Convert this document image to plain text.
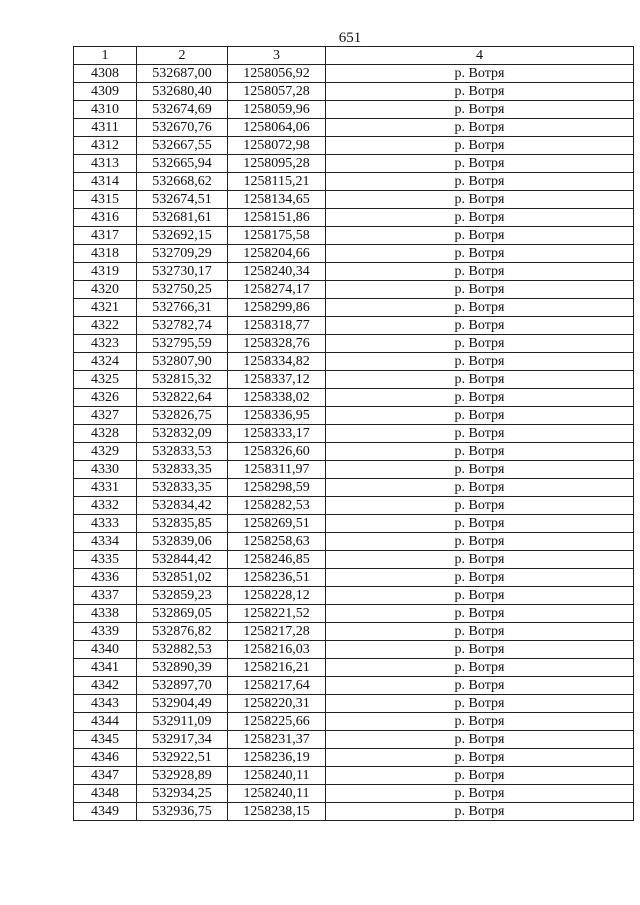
651
1	2	3	4
4308	532687,00	1258056,92	р. Вотря
4309	532680,40	1258057,28	р. Вотря
4310	532674,69	1258059,96	р. Вотря
4311	532670,76	1258064,06	р. Вотря
4312	532667,55	1258072,98	р. Вотря
4313	532665,94	1258095,28	р. Вотря
4314	532668,62	1258115,21	р. Вотря
4315	532674,51	1258134,65	р. Вотря
4316	532681,61	1258151,86	р. Вотря
4317	532692,15	1258175,58	р. Вотря
4318	532709,29	1258204,66	р. Вотря
4319	532730,17	1258240,34	р. Вотря
4320	532750,25	1258274,17	р. Вотря
4321	532766,31	1258299,86	р. Вотря
4322	532782,74	1258318,77	р. Вотря
4323	532795,59	1258328,76	р. Вотря
4324	532807,90	1258334,82	р. Вотря
4325	532815,32	1258337,12	р. Вотря
4326	532822,64	1258338,02	р. Вотря
4327	532826,75	1258336,95	р. Вотря
4328	532832,09	1258333,17	р. Вотря
4329	532833,53	1258326,60	р. Вотря
4330	532833,35	1258311,97	р. Вотря
4331	532833,35	1258298,59	р. Вотря
4332	532834,42	1258282,53	р. Вотря
4333	532835,85	1258269,51	р. Вотря
4334	532839,06	1258258,63	р. Вотря
4335	532844,42	1258246,85	р. Вотря
4336	532851,02	1258236,51	р. Вотря
4337	532859,23	1258228,12	р. Вотря
4338	532869,05	1258221,52	р. Вотря
4339	532876,82	1258217,28	р. Вотря
4340	532882,53	1258216,03	р. Вотря
4341	532890,39	1258216,21	р. Вотря
4342	532897,70	1258217,64	р. Вотря
4343	532904,49	1258220,31	р. Вотря
4344	532911,09	1258225,66	р. Вотря
4345	532917,34	1258231,37	р. Вотря
4346	532922,51	1258236,19	р. Вотря
4347	532928,89	1258240,11	р. Вотря
4348	532934,25	1258240,11	р. Вотря
4349	532936,75	1258238,15	р. Вотря
